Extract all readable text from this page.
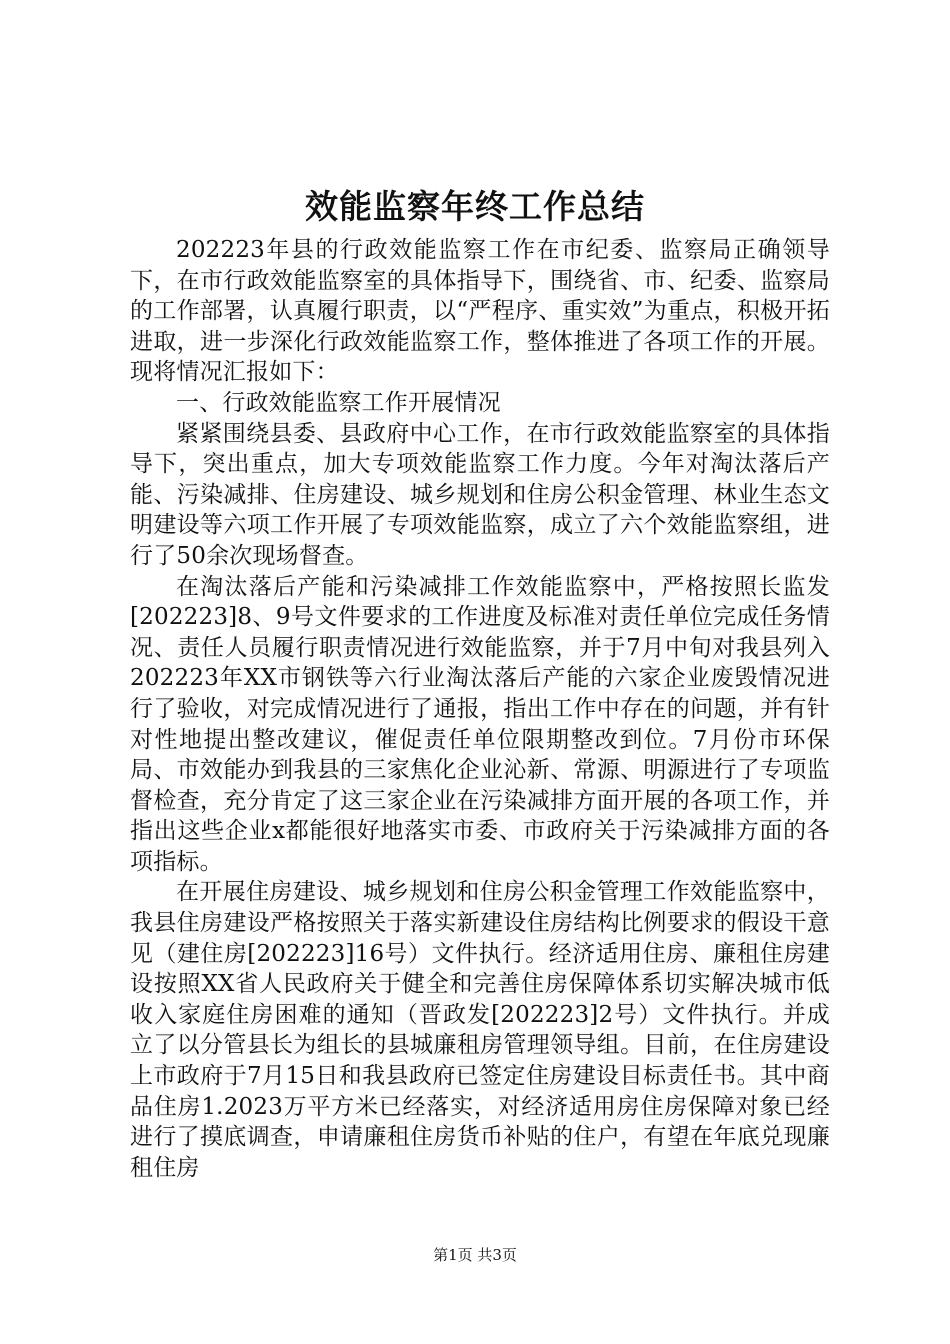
效能监察年终工作总结

202223年县的行政效能监察工作在市纪委、监察局正确领导下，在市行政效能监察室的具体指导下，围绕省、市、纪委、监察局的工作部署，认真履行职责，以“严程序、重实效”为重点，积极开拓进取，进一步深化行政效能监察工作，整体推进了各项工作的开展。现将情况汇报如下：

一、行政效能监察工作开展情况

紧紧围绕县委、县政府中心工作，在市行政效能监察室的具体指导下，突出重点，加大专项效能监察工作力度。今年对淘汰落后产能、污染减排、住房建设、城乡规划和住房公积金管理、林业生态文明建设等六项工作开展了专项效能监察，成立了六个效能监察组，进行了50余次现场督查。

在淘汰落后产能和污染减排工作效能监察中，严格按照长监发[202223]8、9号文件要求的工作进度及标准对责任单位完成任务情况、责任人员履行职责情况进行效能监察，并于7月中旬对我县列入202223年XX市钢铁等六行业淘汰落后产能的六家企业废毁情况进行了验收，对完成情况进行了通报，指出工作中存在的问题，并有针对性地提出整改建议，催促责任单位限期整改到位。7月份市环保局、市效能办到我县的三家焦化企业沁新、常源、明源进行了专项监督检查，充分肯定了这三家企业在污染减排方面开展的各项工作，并指出这些企业x都能很好地落实市委、市政府关于污染减排方面的各项指标。

在开展住房建设、城乡规划和住房公积金管理工作效能监察中，我县住房建设严格按照关于落实新建设住房结构比例要求的假设干意见（建住房[202223]16号）文件执行。经济适用住房、廉租住房建设按照XX省人民政府关于健全和完善住房保障体系切实解决城市低收入家庭住房困难的通知（晋政发[202223]2号）文件执行。并成立了以分管县长为组长的县城廉租房管理领导组。目前，在住房建设上市政府于7月15日和我县政府已签定住房建设目标责任书。其中商品住房1.2023万平方米已经落实，对经济适用房住房保障对象已经进行了摸底调查，申请廉租住房货币补贴的住户，有望在年底兑现廉租住房

第1页 共3页
